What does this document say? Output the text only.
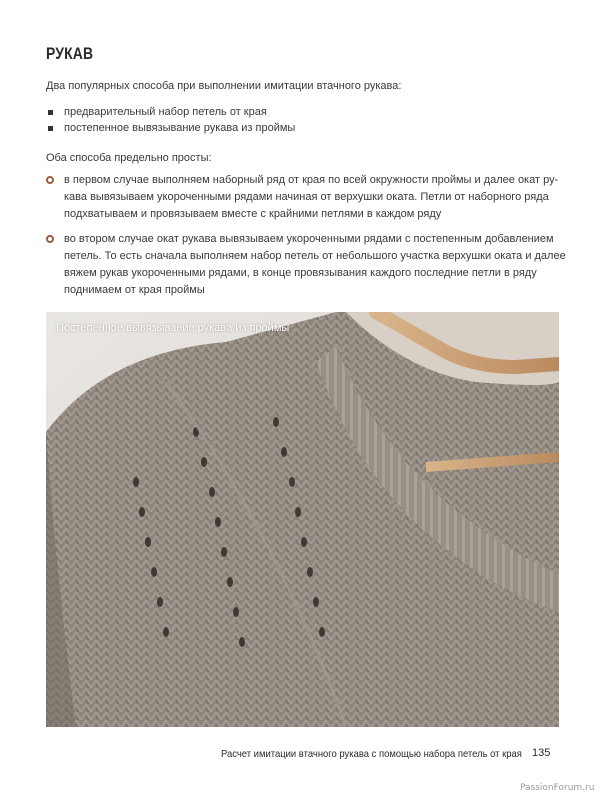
РУКАВ
Два популярных способа при выполнении имитации втачного рукава:
предварительный набор петель от края
постепенное вывязывание рукава из проймы
Оба способа предельно просты:
в первом случае выполняем наборный ряд от края по всей окружности проймы и далее окат ру-
кава вывязываем укороченными рядами начиная от верхушки оката. Петли от наборного ряда
подхватываем и провязываем вместе с крайними петлями в каждом ряду
во втором случае окат рукава вывязываем укороченными рядами с постепенным добавлением
петель. То есть сначала выполняем набор петель от небольшого участка верхушки оката и далее
вяжем рукав укороченными рядами, в конце провязывания каждого последние петли в ряду
поднимаем от края проймы
Постепенное вывязывание рукава из проймы
Расчет имитации втачного рукава с помощью набора петель от края 135
PassionForum.ru
